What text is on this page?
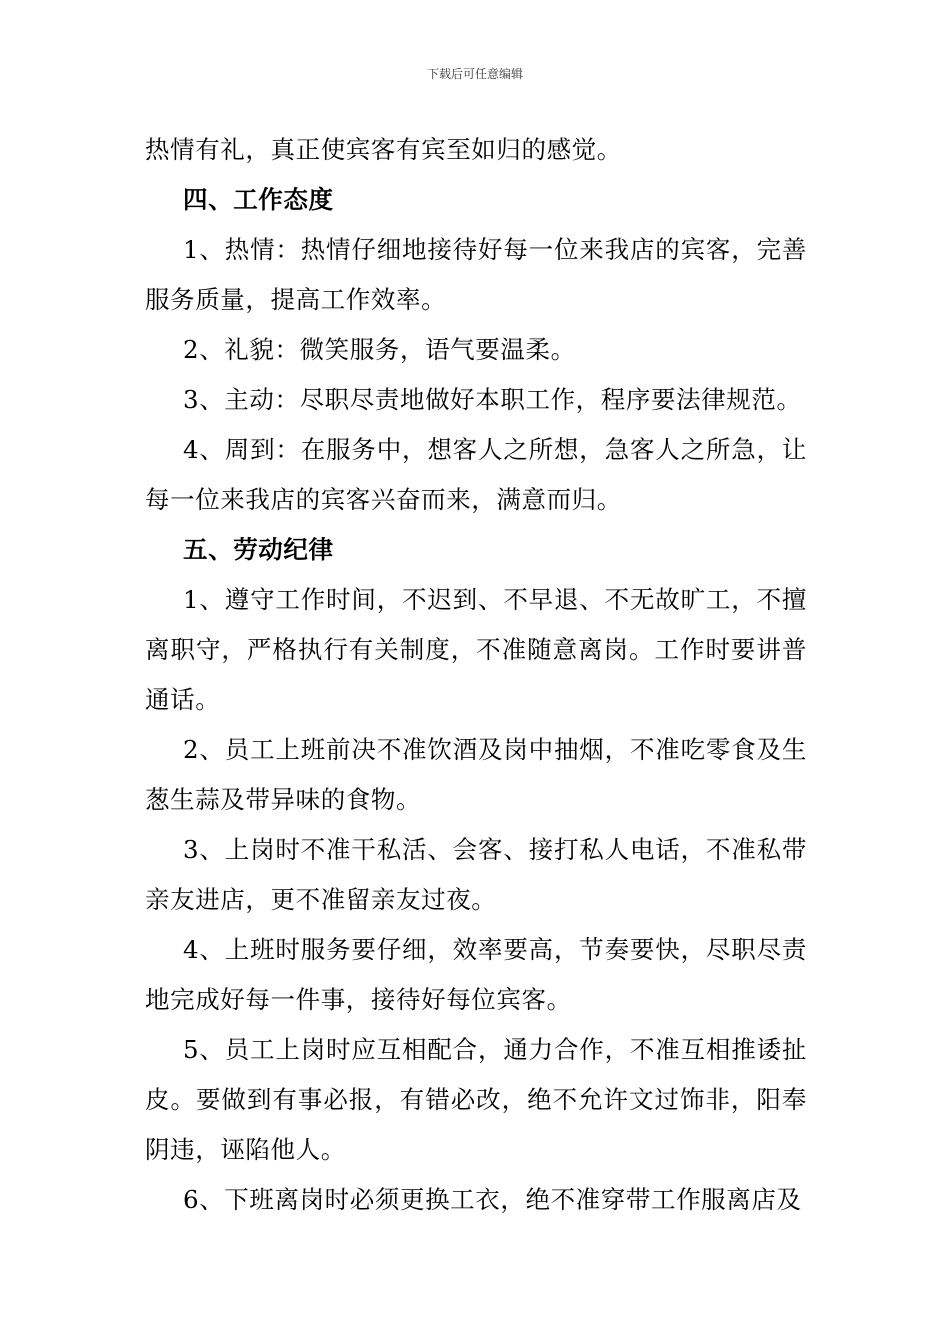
下载后可任意编辑

热情有礼，真正使宾客有宾至如归的感觉。

四、工作态度

1、热情：热情仔细地接待好每一位来我店的宾客，完善服务质量，提高工作效率。

2、礼貌：微笑服务，语气要温柔。

3、主动：尽职尽责地做好本职工作，程序要法律规范。

4、周到：在服务中，想客人之所想，急客人之所急，让每一位来我店的宾客兴奋而来，满意而归。

五、劳动纪律

1、遵守工作时间，不迟到、不早退、不无故旷工，不擅离职守，严格执行有关制度，不准随意离岗。工作时要讲普通话。

2、员工上班前决不准饮酒及岗中抽烟，不准吃零食及生葱生蒜及带异味的食物。

3、上岗时不准干私活、会客、接打私人电话，不准私带亲友进店，更不准留亲友过夜。

4、上班时服务要仔细，效率要高，节奏要快，尽职尽责地完成好每一件事，接待好每位宾客。

5、员工上岗时应互相配合，通力合作，不准互相推诿扯皮。要做到有事必报，有错必改，绝不允许文过饰非，阳奉阴违，诬陷他人。

6、下班离岗时必须更换工衣，绝不准穿带工作服离店及
